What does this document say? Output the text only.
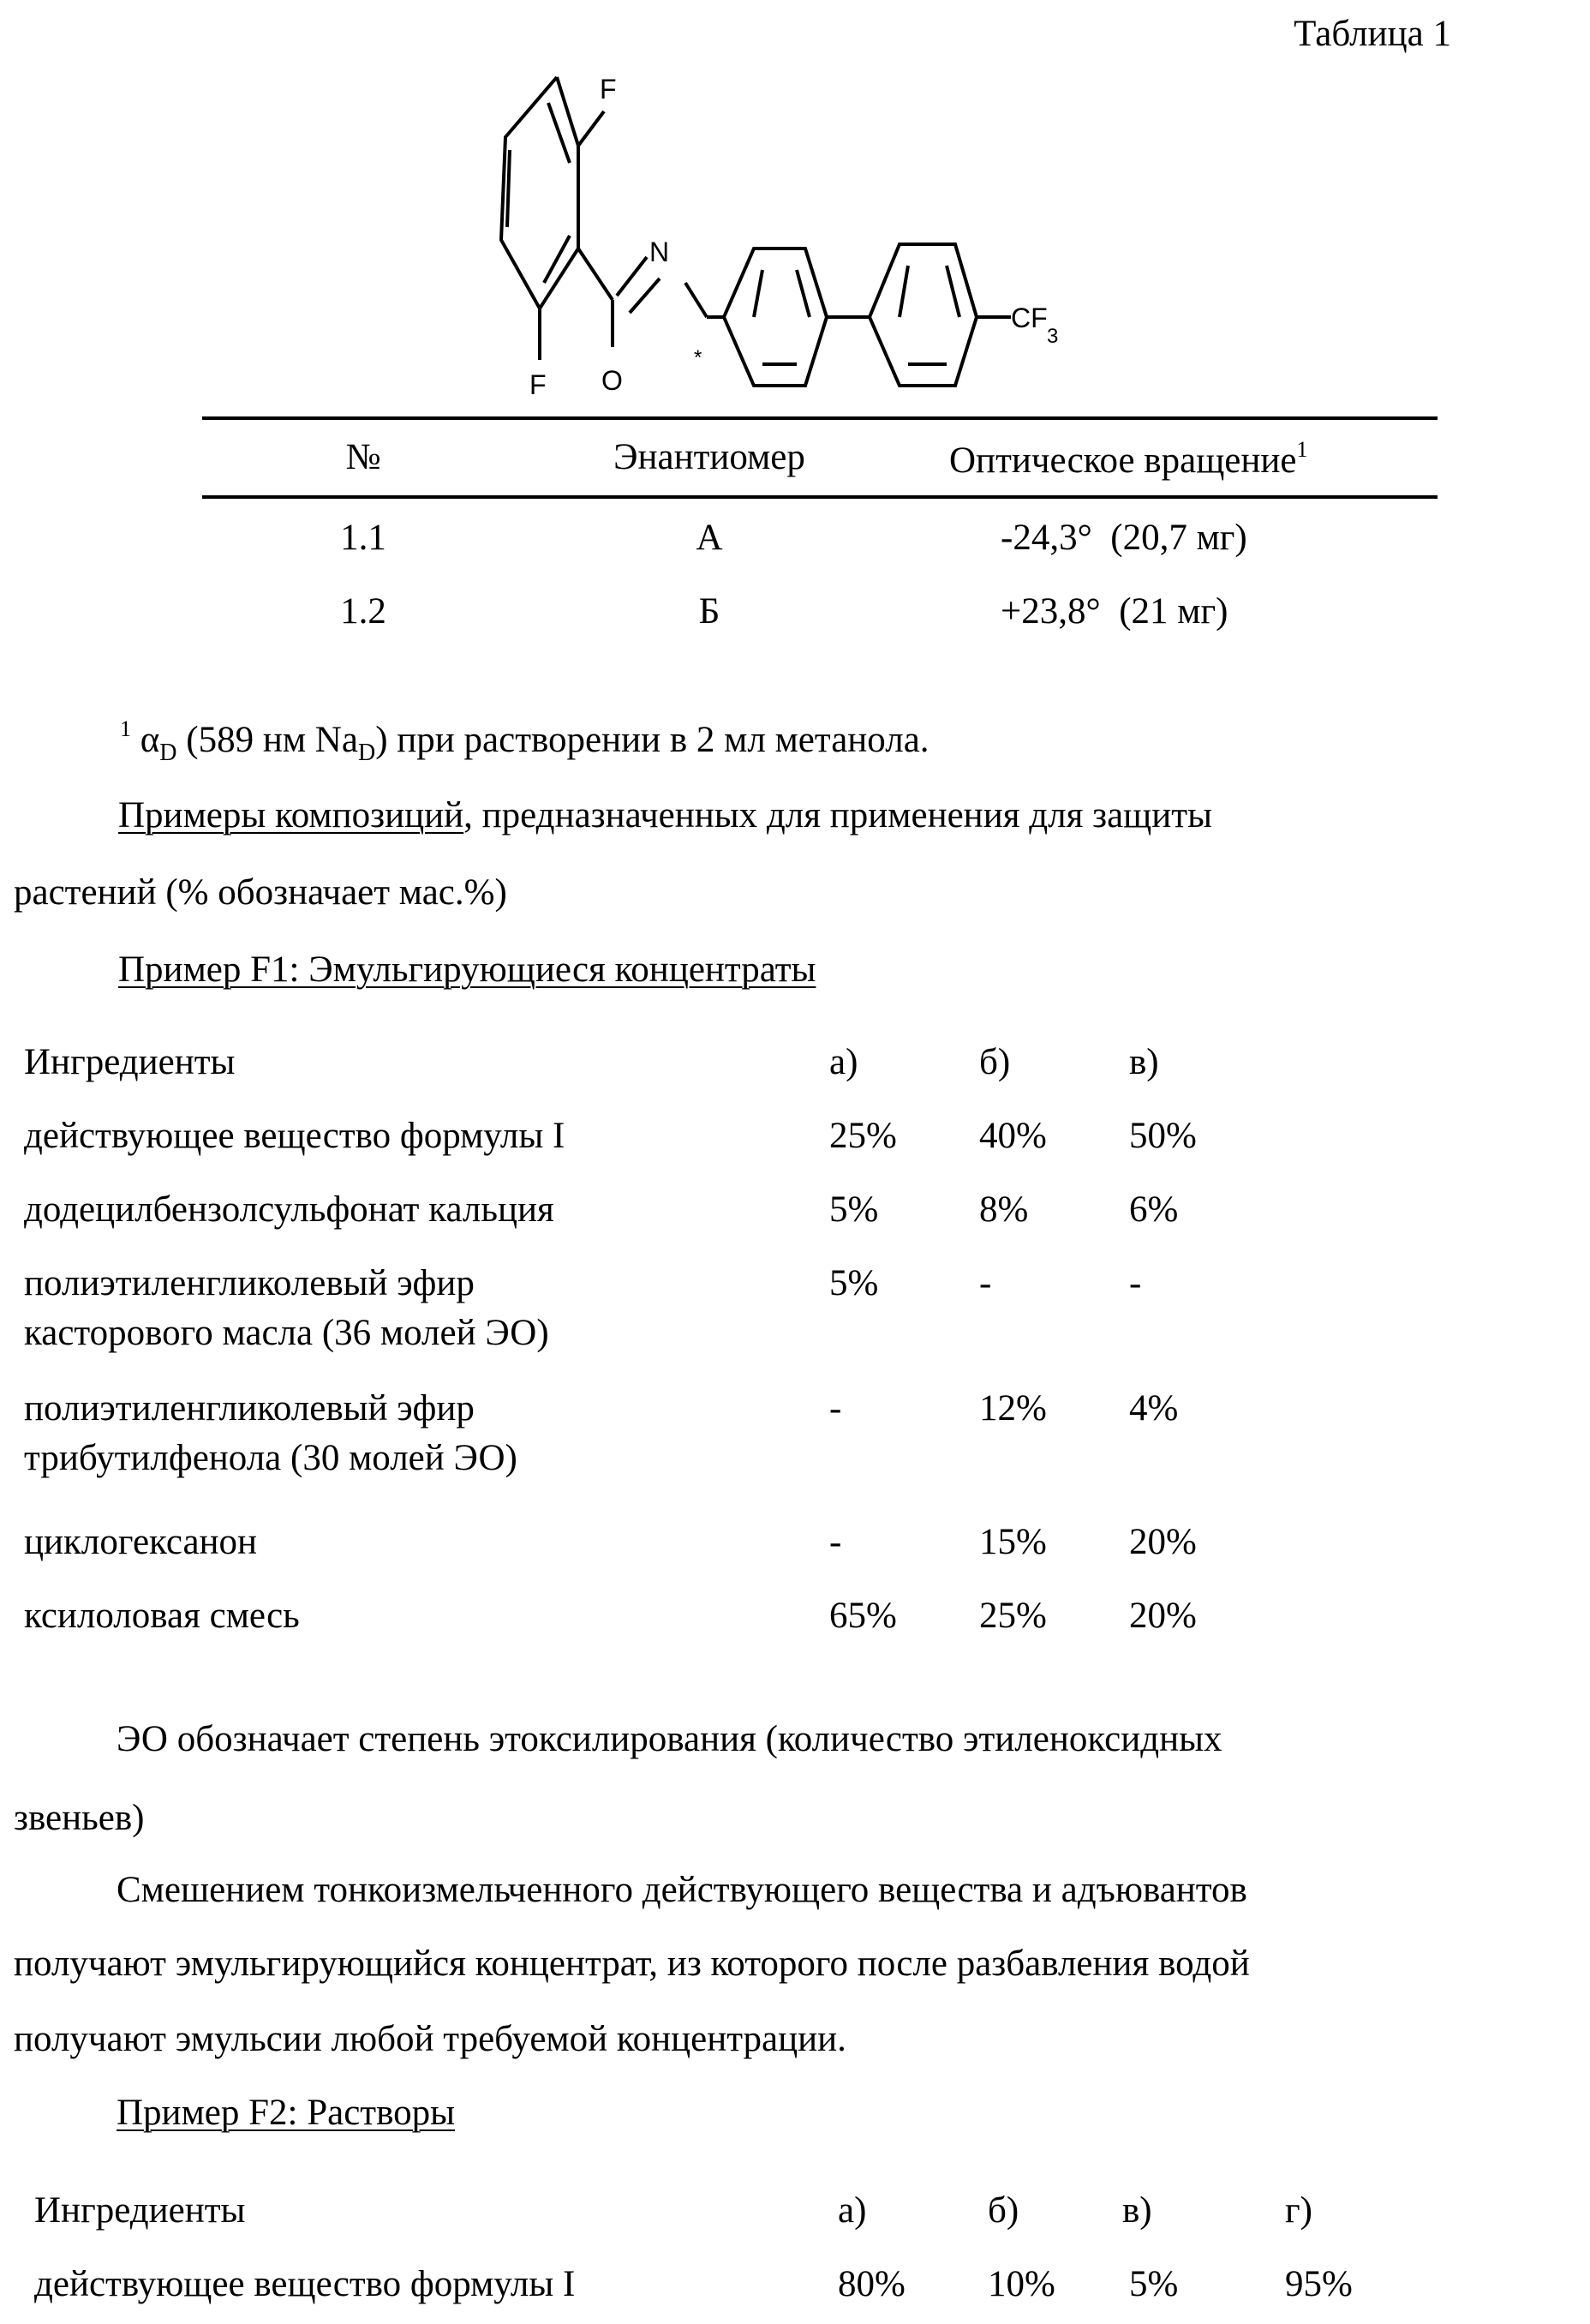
Таблица 1
F
F
N
O
*
CF
3
№	Энантиомер	Оптическое вращение1
1.1	А	-24,3° (20,7 мг)
1.2	Б	+23,8° (21 мг)
1 αD (589 нм NaD) при растворении в 2 мл метанола.
Примеры композиций, предназначенных для применения для защиты
растений (% обозначает мас.%)
Пример F1: Эмульгирующиеся концентраты
Ингредиенты	а)	б)	в)
действующее вещество формулы I	25% 40% 50%
додецилбензолсульфонат кальция	5%	8%	6%
полиэтиленгликолевый эфир
касторового масла (36 молей ЭО)
5%	-	-
полиэтиленгликолевый эфир
трибутилфенола (30 молей ЭО)
-	12% 4%
циклогексанон	-	15% 20%
ксилоловая смесь	65% 25% 20%
ЭО обозначает степень этоксилирования (количество этиленоксидных
звеньев)
Смешением тонкоизмельченного действующего вещества и адъювантов
получают эмульгирующийся концентрат, из которого после разбавления водой
получают эмульсии любой требуемой концентрации.
Пример F2: Растворы
Ингредиенты	а)	б)	в)	г)
действующее вещество формулы I	80% 10% 5%	95%
